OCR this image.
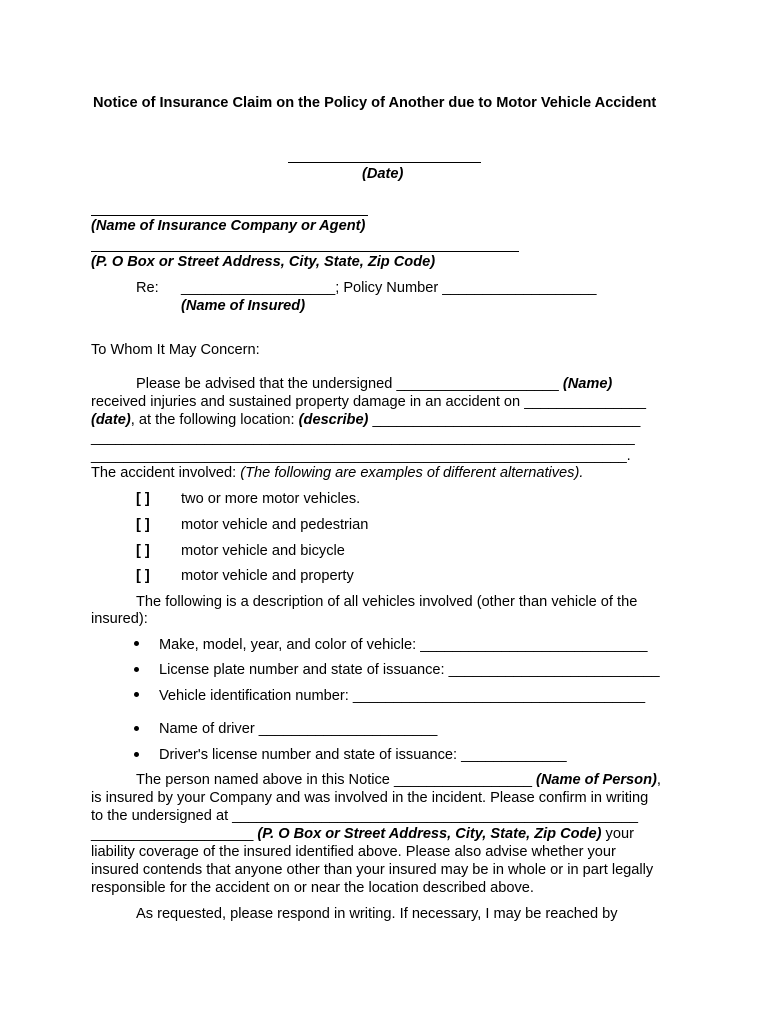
Notice of Insurance Claim on the Policy of Another due to Motor Vehicle Accident
(Date)
(Name of Insurance Company or Agent)
(P. O Box or Street Address, City, State, Zip Code)
Re: ___________________; Policy Number ___________________
(Name of Insured)
To Whom It May Concern:
Please be advised that the undersigned ____________________ (Name)
received injuries and sustained property damage in an accident on _______________
(date), at the following location: (describe) _________________________________
___________________________________________________________________
__________________________________________________________________.
The accident involved: (The following are examples of different alternatives).
[ ] two or more motor vehicles.
[ ] motor vehicle and pedestrian
[ ] motor vehicle and bicycle
[ ] motor vehicle and property
The following is a description of all vehicles involved (other than vehicle of the
insured):
Make, model, year, and color of vehicle: ____________________________
License plate number and state of issuance: __________________________
Vehicle identification number: ____________________________________
Name of driver ______________________
Driver's license number and state of issuance: _____________
The person named above in this Notice _________________ (Name of Person),
is insured by your Company and was involved in the incident. Please confirm in writing
to the undersigned at __________________________________________________
____________________ (P. O Box or Street Address, City, State, Zip Code) your
liability coverage of the insured identified above. Please also advise whether your
insured contends that anyone other than your insured may be in whole or in part legally
responsible for the accident on or near the location described above.
As requested, please respond in writing. If necessary, I may be reached by
